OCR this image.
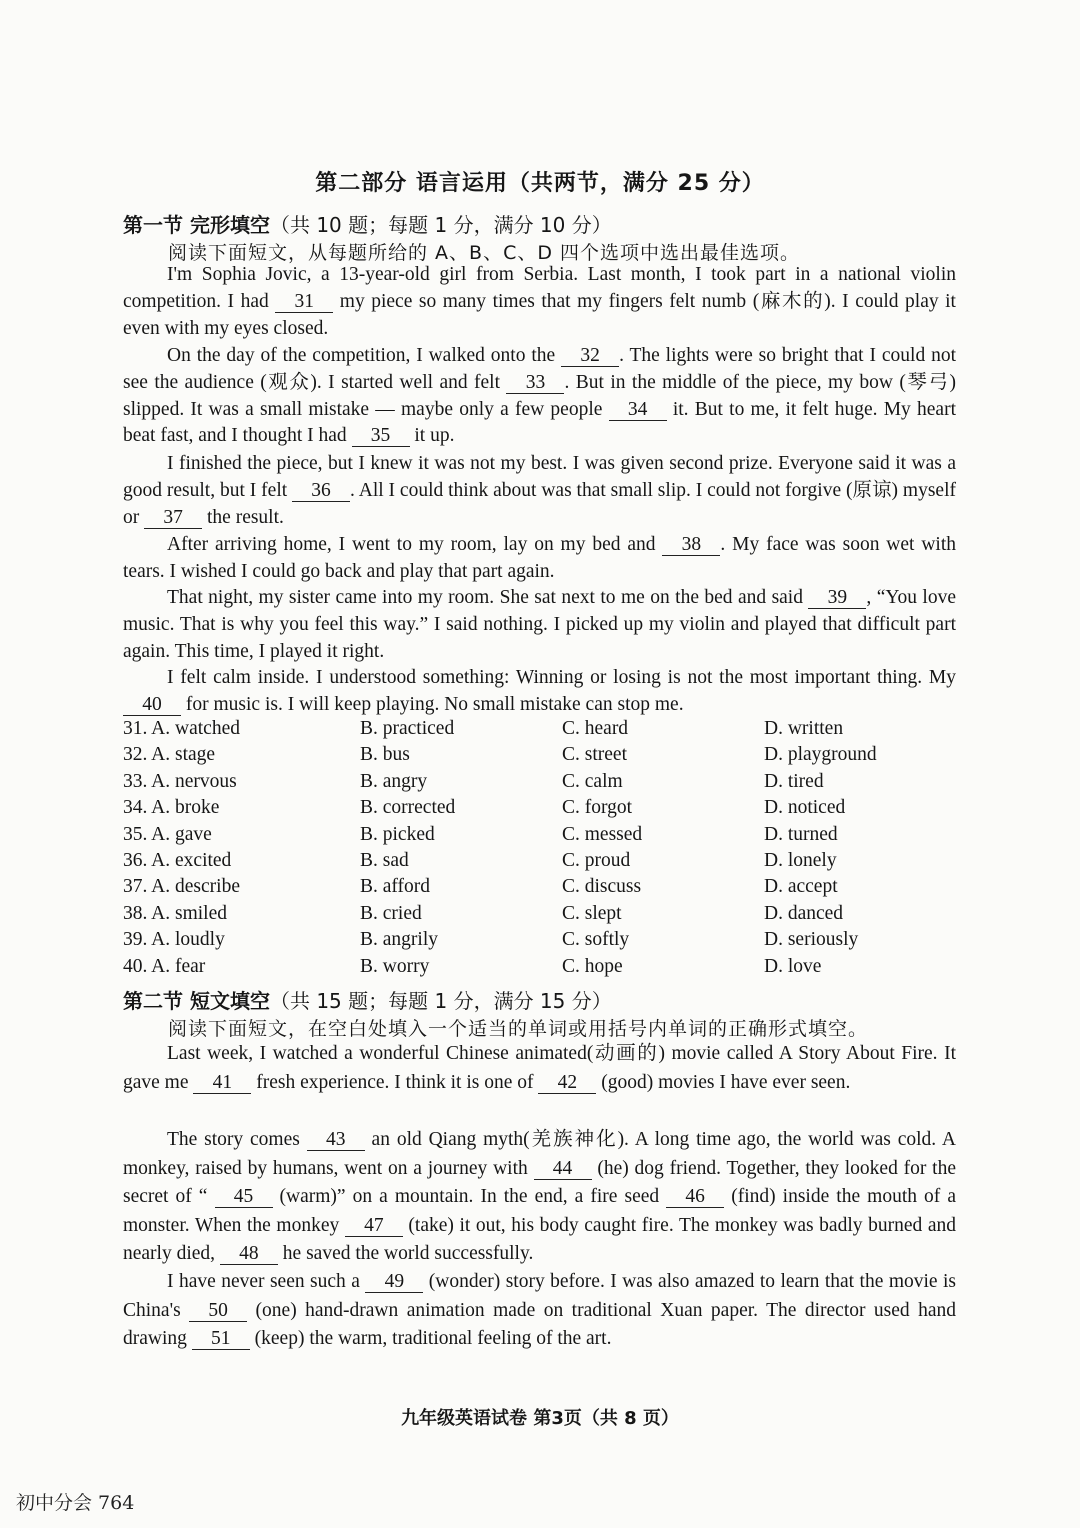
第二部分 语言运用（共两节，满分 25 分）
第一节 完形填空（共 10 题；每题 1 分，满分 10 分）
阅读下面短文，从每题所给的 A、B、C、D 四个选项中选出最佳选项。

I'm Sophia Jovic, a 13-year-old girl from Serbia. Last month, I took part in a national violin competition. I had 31 my piece so many times that my fingers felt numb (麻木的). I could play it even with my eyes closed.

On the day of the competition, I walked onto the 32 . The lights were so bright that I could not see the audience (观众). I started well and felt 33 . But in the middle of the piece, my bow (琴弓) slipped. It was a small mistake — maybe only a few people 34 it. But to me, it felt huge. My heart beat fast, and I thought I had 35 it up.

I finished the piece, but I knew it was not my best. I was given second prize. Everyone said it was a good result, but I felt 36 . All I could think about was that small slip. I could not forgive (原谅) myself or 37 the result.

After arriving home, I went to my room, lay on my bed and 38 . My face was soon wet with tears. I wished I could go back and play that part again.

That night, my sister came into my room. She sat next to me on the bed and said 39 , “You love music. That is why you feel this way.” I said nothing. I picked up my violin and played that difficult part again. This time, I played it right.

I felt calm inside. I understood something: Winning or losing is not the most important thing. My 40 for music is. I will keep playing. No small mistake can stop me.

31. A. watched	B. practiced	C. heard	D. written
32. A. stage	B. bus	C. street	D. playground
33. A. nervous	B. angry	C. calm	D. tired
34. A. broke	B. corrected	C. forgot	D. noticed
35. A. gave	B. picked	C. messed	D. turned
36. A. excited	B. sad	C. proud	D. lonely
37. A. describe	B. afford	C. discuss	D. accept
38. A. smiled	B. cried	C. slept	D. danced
39. A. loudly	B. angrily	C. softly	D. seriously
40. A. fear	B. worry	C. hope	D. love
第二节 短文填空（共 15 题；每题 1 分，满分 15 分）
阅读下面短文，在空白处填入一个适当的单词或用括号内单词的正确形式填空。

Last week, I watched a wonderful Chinese animated(动画的) movie called A Story About Fire. It gave me 41 fresh experience. I think it is one of 42 (good) movies I have ever seen.

The story comes 43 an old Qiang myth(羌族神化). A long time ago, the world was cold. A monkey, raised by humans, went on a journey with 44 (he) dog friend. Together, they looked for the secret of “ 45 (warm)” on a mountain. In the end, a fire seed 46 (find) inside the mouth of a monster. When the monkey 47 (take) it out, his body caught fire. The monkey was badly burned and nearly died, 48 he saved the world successfully.

I have never seen such a 49 (wonder) story before. I was also amazed to learn that the movie is China's 50 (one) hand-drawn animation made on traditional Xuan paper. The director used hand drawing 51 (keep) the warm, traditional feeling of the art.

九年级英语试卷 第3页（共 8 页）
初中分会 764
